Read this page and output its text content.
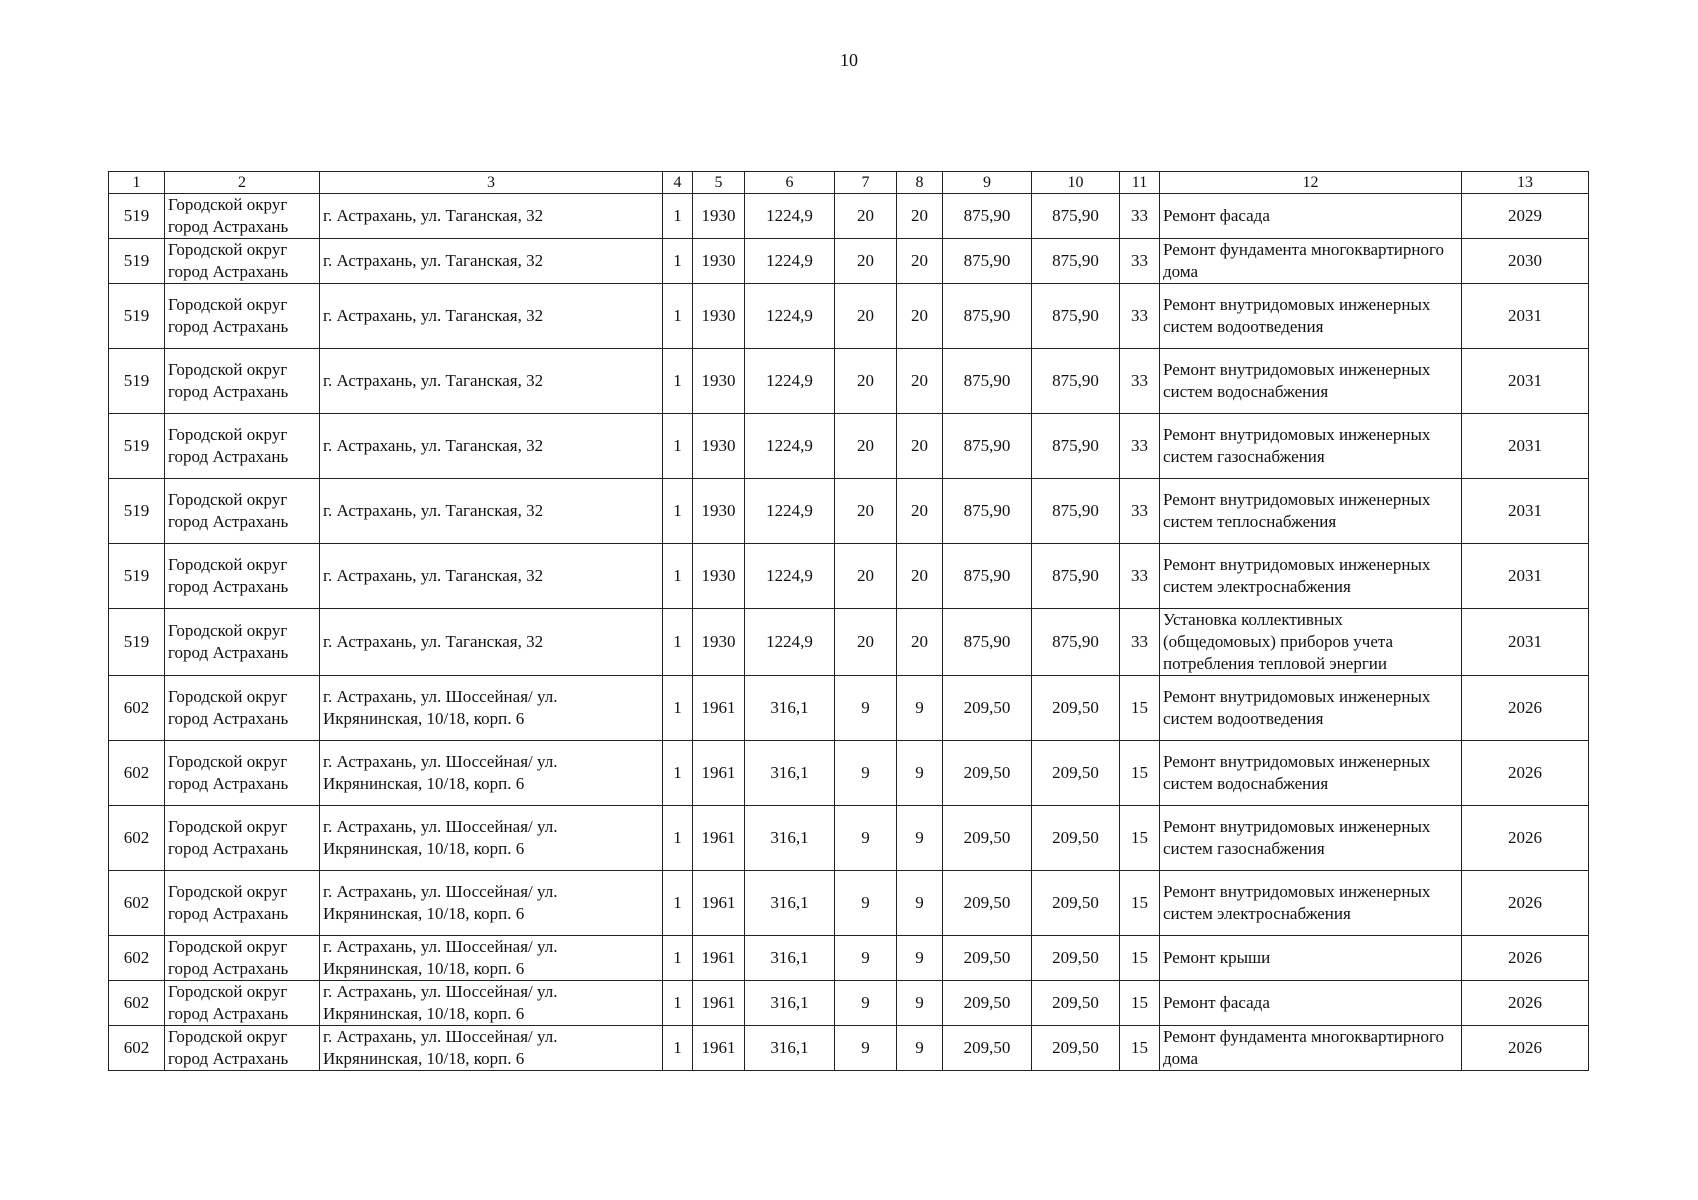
10
1	2	3	4	5	6	7	8	9	10	11	12	13
519	Городской округ город Астрахань	г. Астрахань, ул. Таганская, 32	1	1930	1224,9	20	20	875,90	875,90	33	Ремонт фасада	2029
519	Городской округ город Астрахань	г. Астрахань, ул. Таганская, 32	1	1930	1224,9	20	20	875,90	875,90	33	Ремонт фундамента многоквартирного дома	2030
519	Городской округ город Астрахань	г. Астрахань, ул. Таганская, 32	1	1930	1224,9	20	20	875,90	875,90	33	Ремонт внутридомовых инженерных систем водоотведения	2031
519	Городской округ город Астрахань	г. Астрахань, ул. Таганская, 32	1	1930	1224,9	20	20	875,90	875,90	33	Ремонт внутридомовых инженерных систем водоснабжения	2031
519	Городской округ город Астрахань	г. Астрахань, ул. Таганская, 32	1	1930	1224,9	20	20	875,90	875,90	33	Ремонт внутридомовых инженерных систем газоснабжения	2031
519	Городской округ город Астрахань	г. Астрахань, ул. Таганская, 32	1	1930	1224,9	20	20	875,90	875,90	33	Ремонт внутридомовых инженерных систем теплоснабжения	2031
519	Городской округ город Астрахань	г. Астрахань, ул. Таганская, 32	1	1930	1224,9	20	20	875,90	875,90	33	Ремонт внутридомовых инженерных систем электроснабжения	2031
519	Городской округ город Астрахань	г. Астрахань, ул. Таганская, 32	1	1930	1224,9	20	20	875,90	875,90	33	Установка коллективных (общедомовых) приборов учета потребления тепловой энергии	2031
602	Городской округ город Астрахань	г. Астрахань, ул. Шоссейная/ ул. Икрянинская, 10/18, корп. 6	1	1961	316,1	9	9	209,50	209,50	15	Ремонт внутридомовых инженерных систем водоотведения	2026
602	Городской округ город Астрахань	г. Астрахань, ул. Шоссейная/ ул. Икрянинская, 10/18, корп. 6	1	1961	316,1	9	9	209,50	209,50	15	Ремонт внутридомовых инженерных систем водоснабжения	2026
602	Городской округ город Астрахань	г. Астрахань, ул. Шоссейная/ ул. Икрянинская, 10/18, корп. 6	1	1961	316,1	9	9	209,50	209,50	15	Ремонт внутридомовых инженерных систем газоснабжения	2026
602	Городской округ город Астрахань	г. Астрахань, ул. Шоссейная/ ул. Икрянинская, 10/18, корп. 6	1	1961	316,1	9	9	209,50	209,50	15	Ремонт внутридомовых инженерных систем электроснабжения	2026
602	Городской округ город Астрахань	г. Астрахань, ул. Шоссейная/ ул. Икрянинская, 10/18, корп. 6	1	1961	316,1	9	9	209,50	209,50	15	Ремонт крыши	2026
602	Городской округ город Астрахань	г. Астрахань, ул. Шоссейная/ ул. Икрянинская, 10/18, корп. 6	1	1961	316,1	9	9	209,50	209,50	15	Ремонт фасада	2026
602	Городской округ город Астрахань	г. Астрахань, ул. Шоссейная/ ул. Икрянинская, 10/18, корп. 6	1	1961	316,1	9	9	209,50	209,50	15	Ремонт фундамента многоквартирного дома	2026
